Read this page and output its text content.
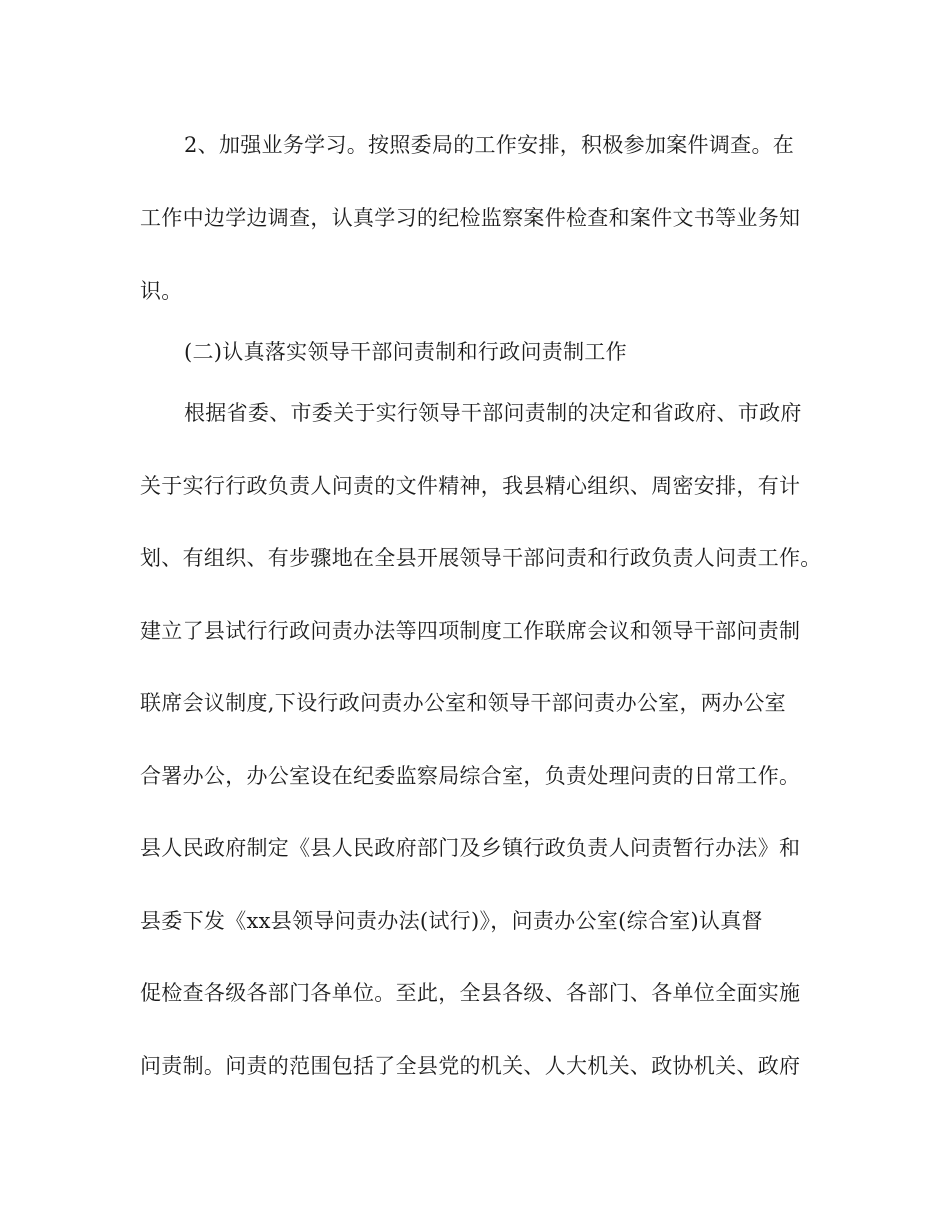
2、加强业务学习。按照委局的工作安排，积极参加案件调查。在
工作中边学边调查，认真学习的纪检监察案件检查和案件文书等业务知
识。
(二)认真落实领导干部问责制和行政问责制工作
根据省委、市委关于实行领导干部问责制的决定和省政府、市政府
关于实行行政负责人问责的文件精神，我县精心组织、周密安排，有计
划、有组织、有步骤地在全县开展领导干部问责和行政负责人问责工作。
建立了县试行行政问责办法等四项制度工作联席会议和领导干部问责制
联席会议制度,下设行政问责办公室和领导干部问责办公室，两办公室
合署办公，办公室设在纪委监察局综合室，负责处理问责的日常工作。
县人民政府制定《县人民政府部门及乡镇行政负责人问责暂行办法》和
县委下发《xx县领导问责办法(试行)》，问责办公室(综合室)认真督
促检查各级各部门各单位。至此，全县各级、各部门、各单位全面实施
问责制。问责的范围包括了全县党的机关、人大机关、政协机关、政府
